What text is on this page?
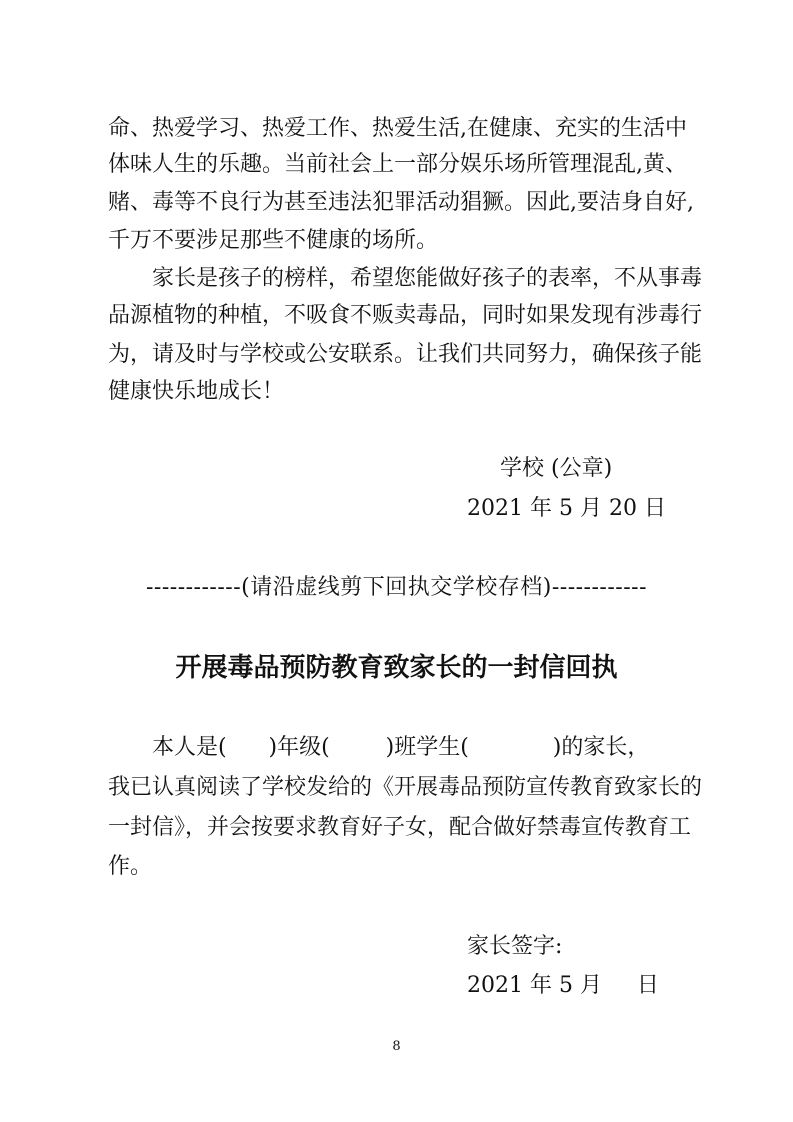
命、热爱学习、热爱工作、热爱生活,在健康、充实的生活中
体味人生的乐趣。当前社会上一部分娱乐场所管理混乱,黄、
赌、毒等不良行为甚至违法犯罪活动猖獗。因此,要洁身自好,
千万不要涉足那些不健康的场所。
家长是孩子的榜样，希望您能做好孩子的表率，不从事毒
品源植物的种植，不吸食不贩卖毒品，同时如果发现有涉毒行
为，请及时与学校或公安联系。让我们共同努力，确保孩子能
健康快乐地成长！
学校 (公章)
2021 年 5 月 20 日
------------(请沿虚线剪下回执交学校存档)------------
开展毒品预防教育致家长的一封信回执
本人是(      )年级(        )班学生(            )的家长，
我已认真阅读了学校发给的《开展毒品预防宣传教育致家长的
一封信》，并会按要求教育好子女，配合做好禁毒宣传教育工
作。
家长签字:
2021 年 5 月     日
8
